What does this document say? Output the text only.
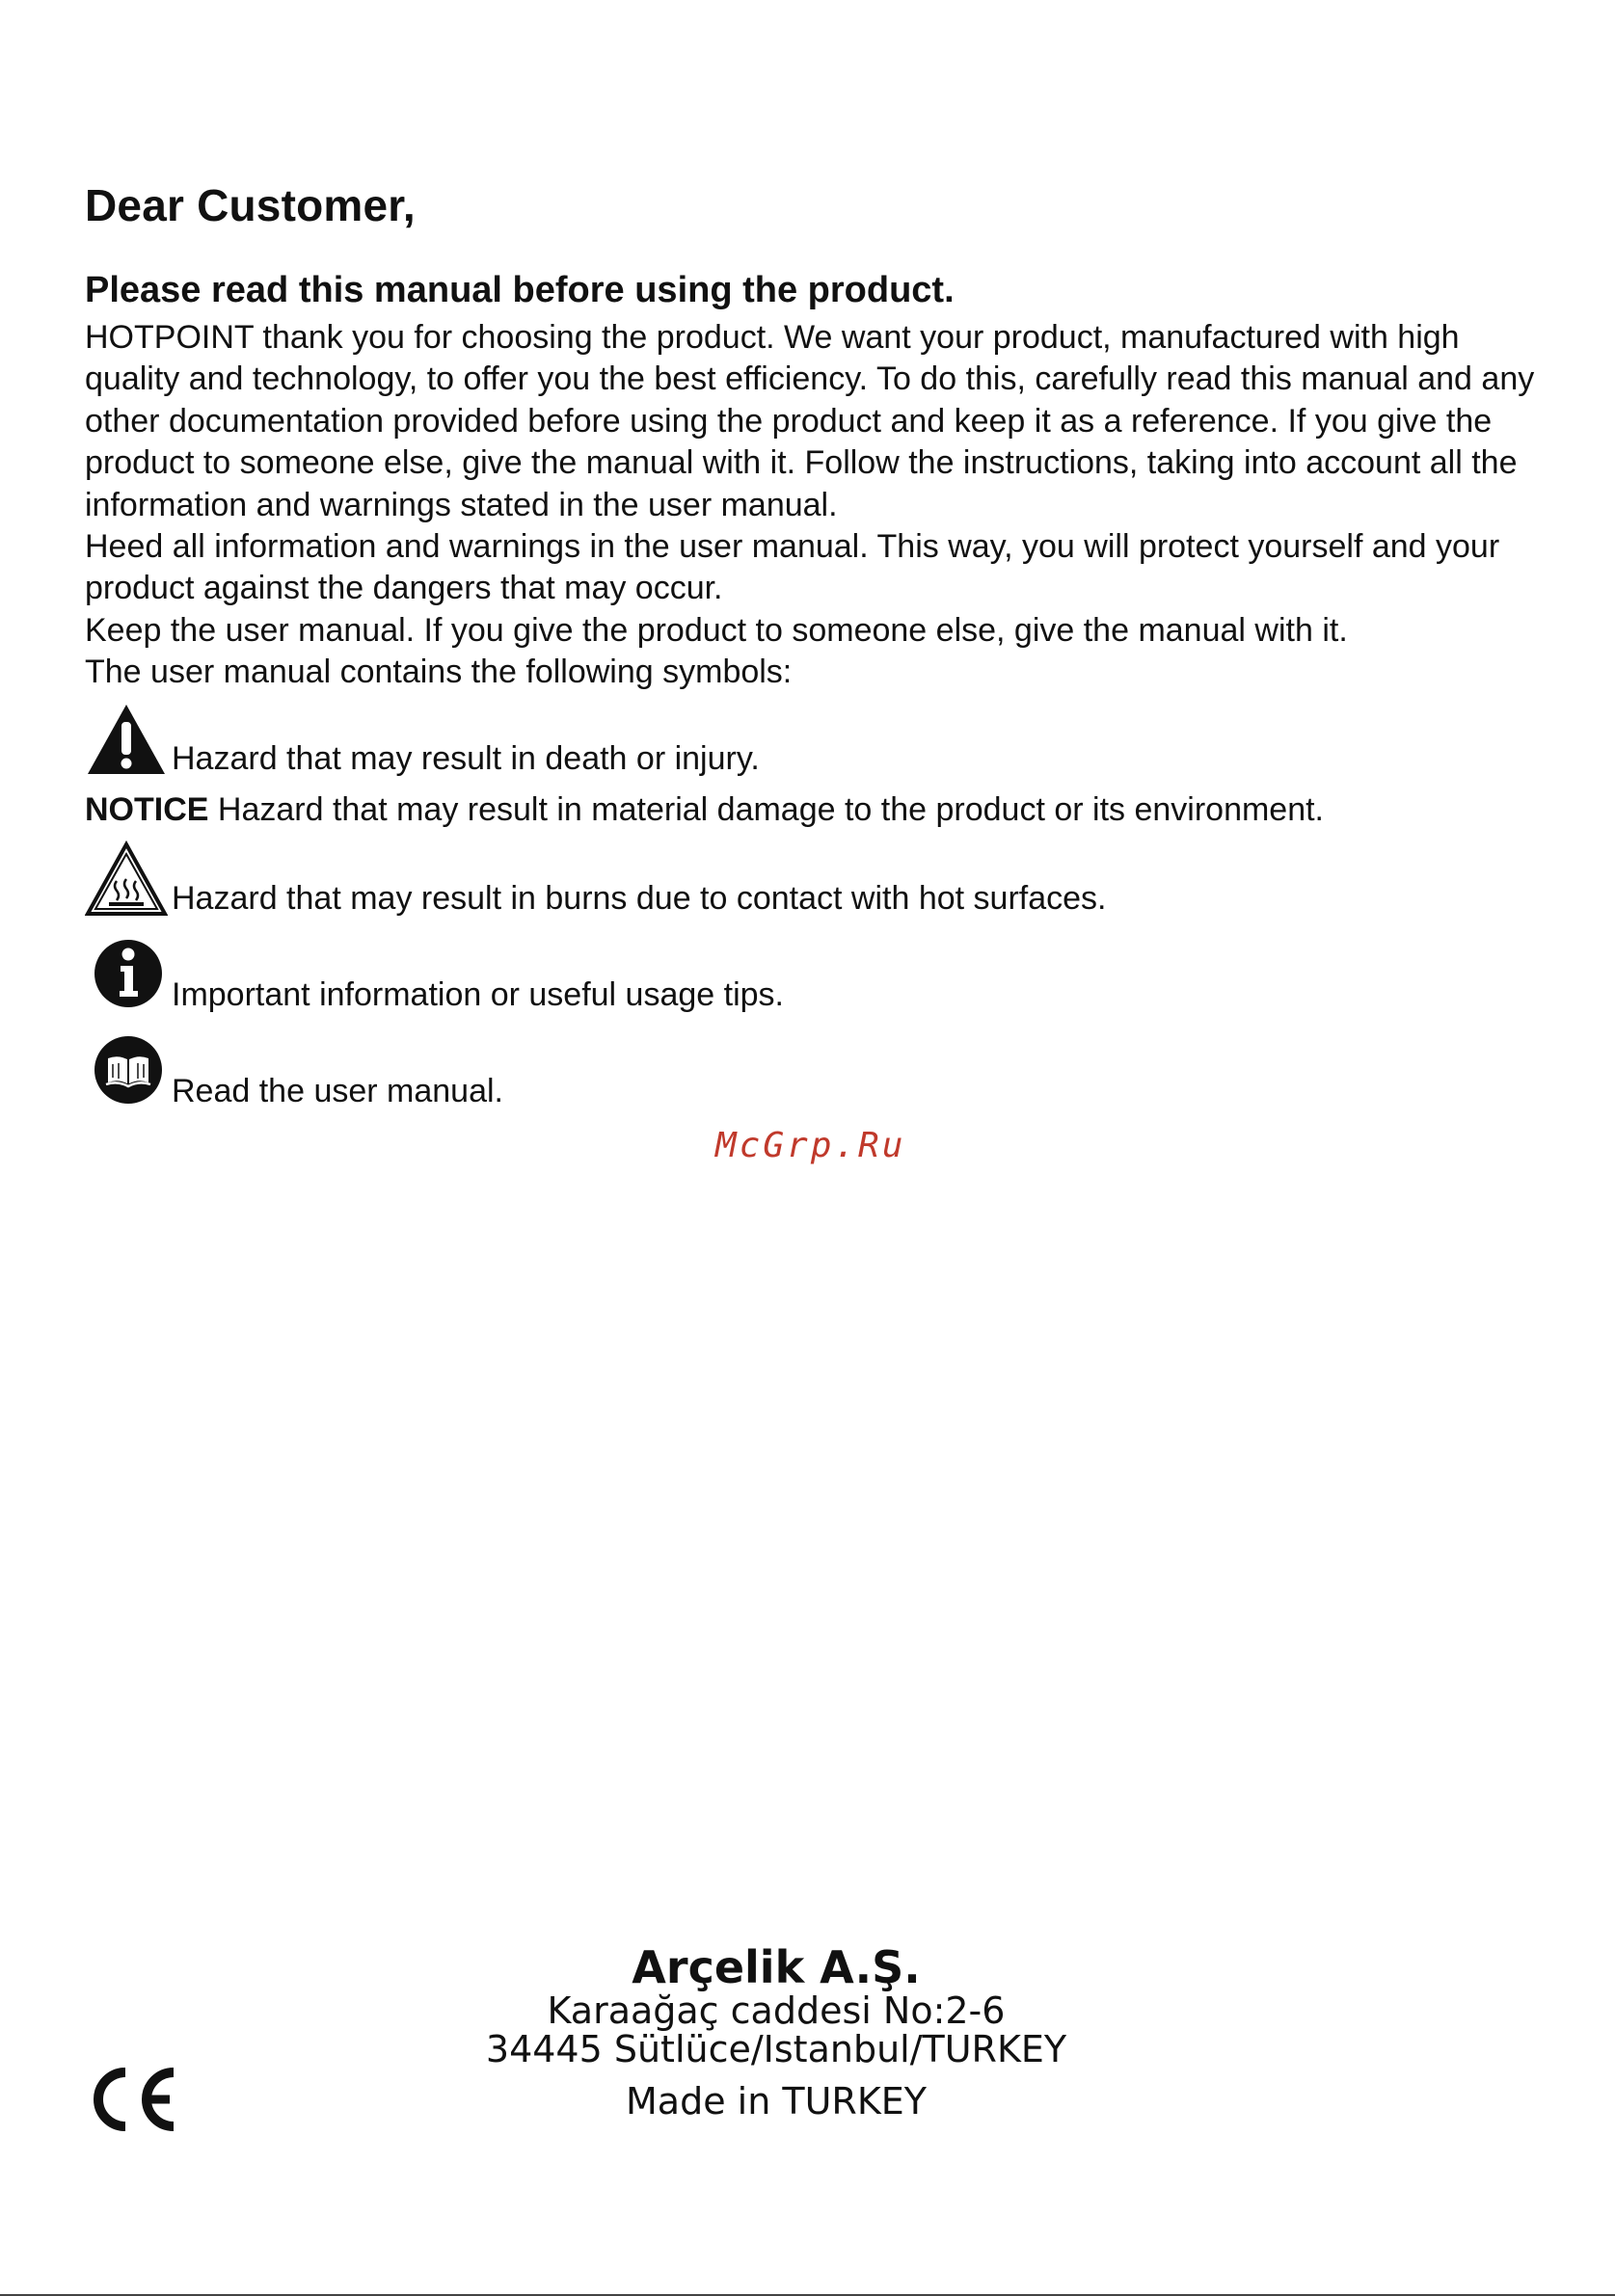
Dear Customer,
Please read this manual before using the product.

HOTPOINT thank you for choosing the product. We want your product, manufactured with high quality and technology, to offer you the best efficiency. To do this, carefully read this manual and any other documentation provided before using the product and keep it as a reference. If you give the product to someone else, give the manual with it. Follow the instructions, taking into account all the information and warnings stated in the user manual.

Heed all information and warnings in the user manual. This way, you will protect yourself and your product against the dangers that may occur.

Keep the user manual. If you give the product to someone else, give the manual with it.

The user manual contains the following symbols:

Hazard that may result in death or injury.
NOTICE Hazard that may result in material damage to the product or its environment.
Hazard that may result in burns due to contact with hot surfaces.
Important information or useful usage tips.
Read the user manual.
McGrp.Ru
Arçelik A.Ş.
Karaağaç caddesi No:2-6
34445 Sütlüce/Istanbul/TURKEY
Made in TURKEY
